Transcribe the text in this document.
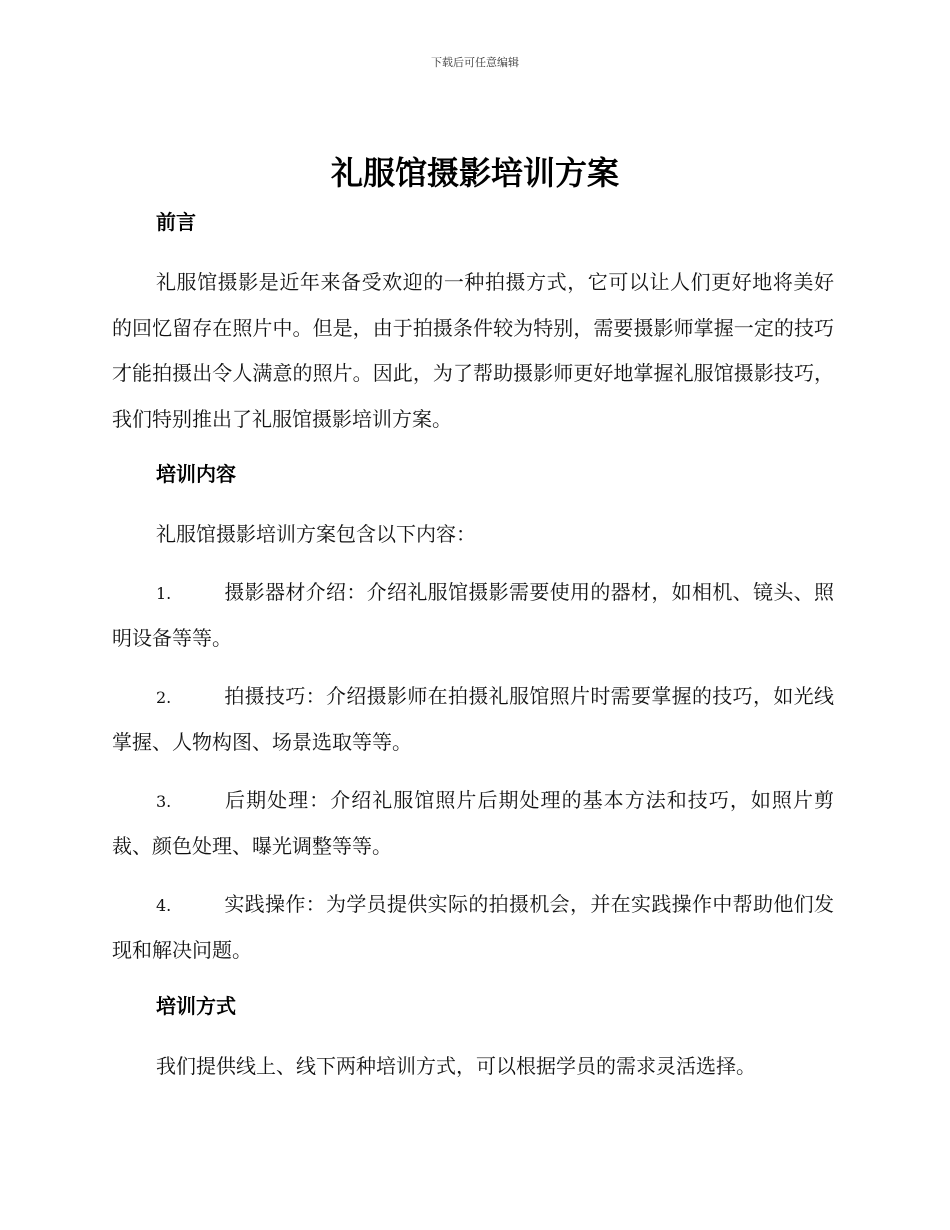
下载后可任意编辑
礼服馆摄影培训方案
前言

礼服馆摄影是近年来备受欢迎的一种拍摄方式，它可以让人们更好地将美好的回忆留存在照片中。但是，由于拍摄条件较为特别，需要摄影师掌握一定的技巧才能拍摄出令人满意的照片。因此，为了帮助摄影师更好地掌握礼服馆摄影技巧，我们特别推出了礼服馆摄影培训方案。

培训内容

礼服馆摄影培训方案包含以下内容：

1.	摄影器材介绍：介绍礼服馆摄影需要使用的器材，如相机、镜头、照明设备等等。

2.	拍摄技巧：介绍摄影师在拍摄礼服馆照片时需要掌握的技巧，如光线掌握、人物构图、场景选取等等。

3.	后期处理：介绍礼服馆照片后期处理的基本方法和技巧，如照片剪裁、颜色处理、曝光调整等等。

4.	实践操作：为学员提供实际的拍摄机会，并在实践操作中帮助他们发现和解决问题。

培训方式

我们提供线上、线下两种培训方式，可以根据学员的需求灵活选择。
